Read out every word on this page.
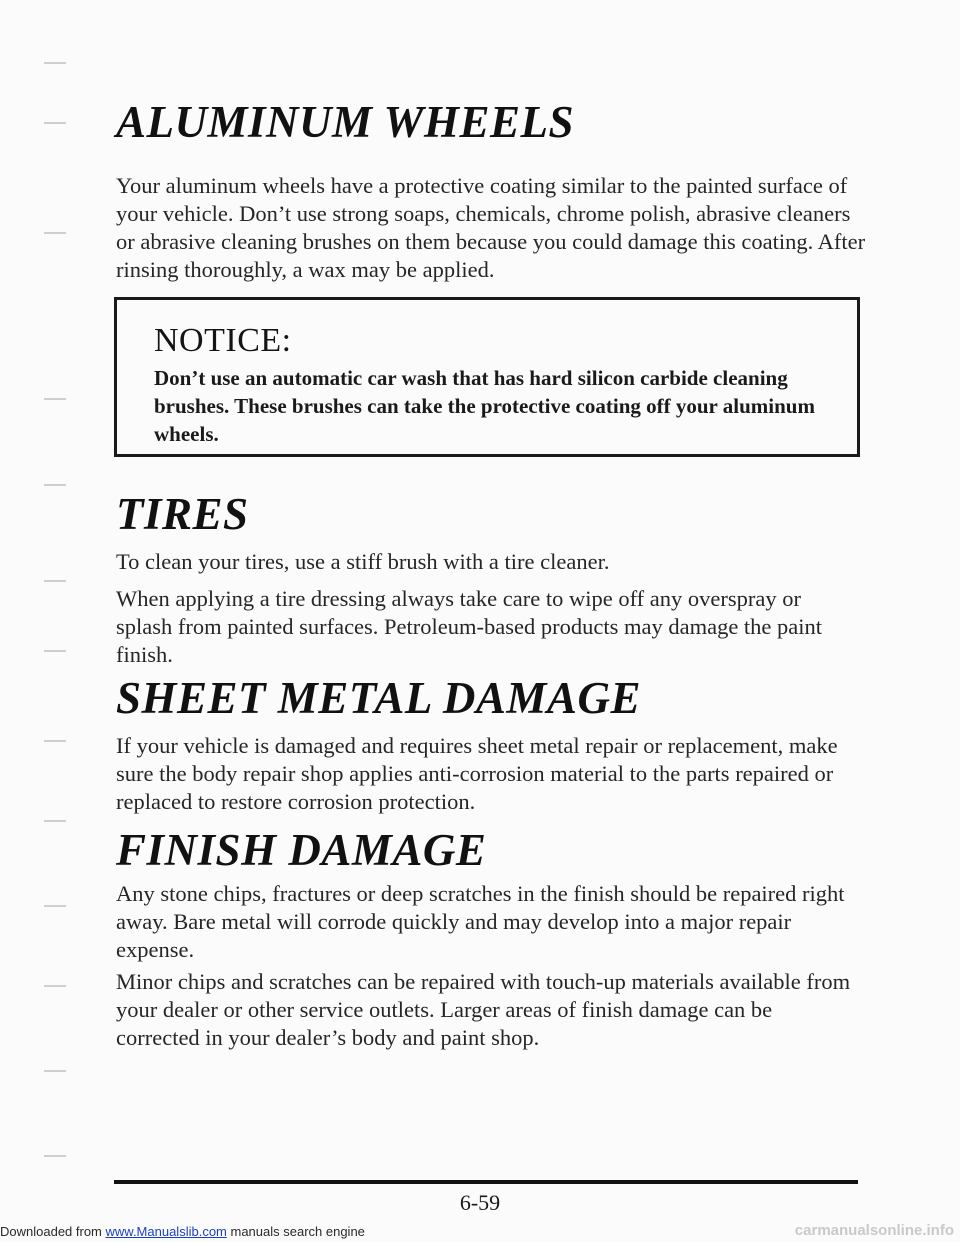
ALUMINUM WHEELS

Your aluminum wheels have a protective coating similar to the painted surface of your vehicle. Don’t use strong soaps, chemicals, chrome polish, abrasive cleaners or abrasive cleaning brushes on them because you could damage this coating. After rinsing thoroughly, a wax may be applied.

NOTICE:

Don’t use an automatic car wash that has hard silicon carbide cleaning brushes. These brushes can take the protective coating off your aluminum wheels.

TIRES

To clean your tires, use a stiff brush with a tire cleaner.

When applying a tire dressing always take care to wipe off any overspray or splash from painted surfaces. Petroleum-based products may damage the paint finish.

SHEET METAL DAMAGE

If your vehicle is damaged and requires sheet metal repair or replacement, make sure the body repair shop applies anti-corrosion material to the parts repaired or replaced to restore corrosion protection.

FINISH DAMAGE

Any stone chips, fractures or deep scratches in the finish should be repaired right away. Bare metal will corrode quickly and may develop into a major repair expense.

Minor chips and scratches can be repaired with touch-up materials available from your dealer or other service outlets. Larger areas of finish damage can be corrected in your dealer’s body and paint shop.

6-59
Downloaded from www.Manualslib.com manuals search engine	carmanualsonline.info
